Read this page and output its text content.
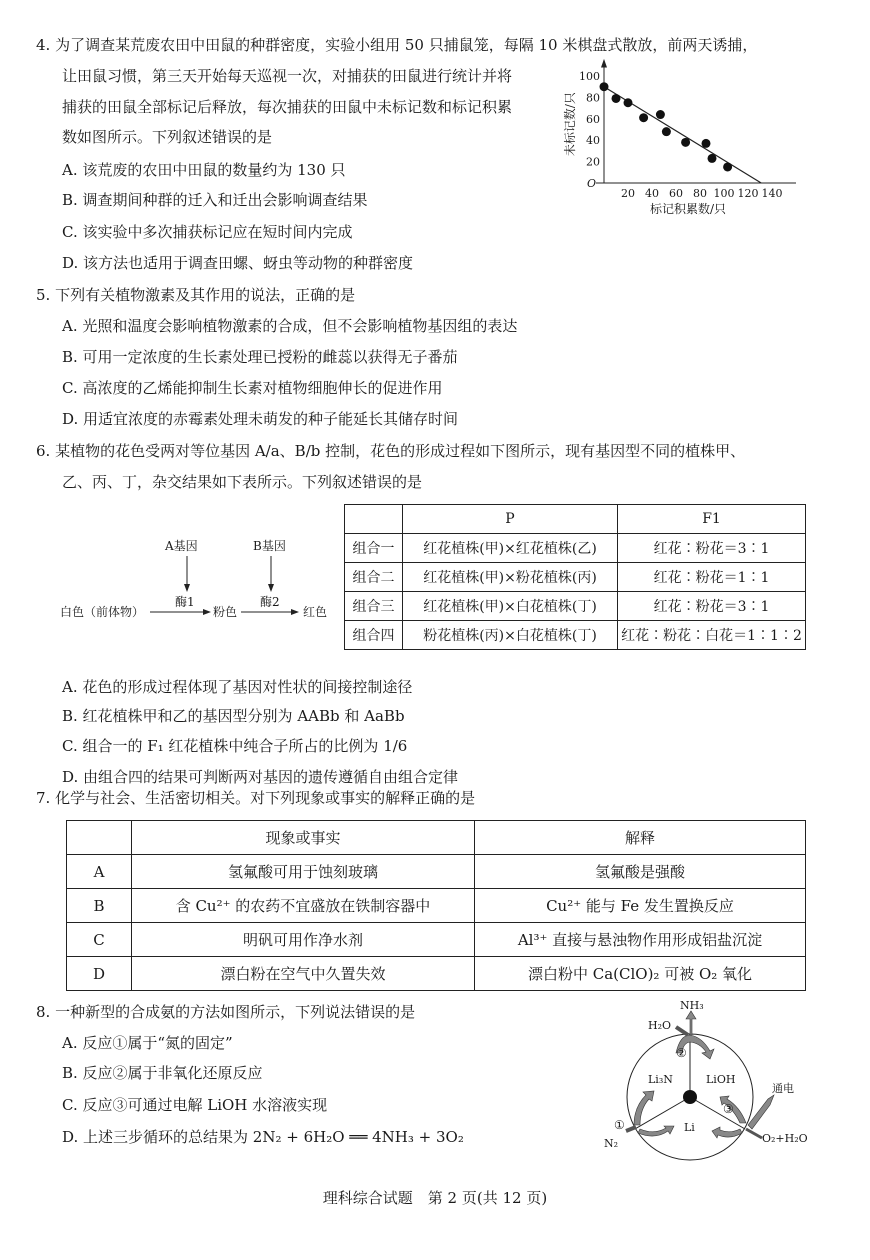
4. 为了调查某荒废农田中田鼠的种群密度，实验小组用 50 只捕鼠笼，每隔 10 米棋盘式散放，前两天诱捕，
让田鼠习惯，第三天开始每天巡视一次，对捕获的田鼠进行统计并将
捕获的田鼠全部标记后释放，每次捕获的田鼠中未标记数和标记积累
数如图所示。下列叙述错误的是
A. 该荒废的农田中田鼠的数量约为 130 只
B. 调查期间种群的迁入和迁出会影响调查结果
C. 该实验中多次捕获标记应在短时间内完成
D. 该方法也适用于调查田螺、蚜虫等动物的种群密度
20 40 60 80 100 120 140
20
40
60
80
100
O
标记积累数/只
未标记数/只
5. 下列有关植物激素及其作用的说法，正确的是
A. 光照和温度会影响植物激素的合成，但不会影响植物基因组的表达
B. 可用一定浓度的生长素处理已授粉的雌蕊以获得无子番茄
C. 高浓度的乙烯能抑制生长素对植物细胞伸长的促进作用
D. 用适宜浓度的赤霉素处理未萌发的种子能延长其储存时间
6. 某植物的花色受两对等位基因 A/a、B/b 控制，花色的形成过程如下图所示，现有基因型不同的植株甲、
乙、丙、丁，杂交结果如下表所示。下列叙述错误的是
A基因	B基因
白色（前体物）
酶1
粉色
酶2
红色
	P	F1
组合一	红花植株(甲)×红花植株(乙)	红花∶粉花＝3∶1
组合二	红花植株(甲)×粉花植株(丙)	红花∶粉花＝1∶1
组合三	红花植株(甲)×白花植株(丁)	红花∶粉花＝3∶1
组合四	粉花植株(丙)×白花植株(丁)	红花∶粉花∶白花＝1∶1∶2
A. 花色的形成过程体现了基因对性状的间接控制途径
B. 红花植株甲和乙的基因型分别为 AABb 和 AaBb
C. 组合一的 F₁ 红花植株中纯合子所占的比例为 1/6
D. 由组合四的结果可判断两对基因的遗传遵循自由组合定律
7. 化学与社会、生活密切相关。对下列现象或事实的解释正确的是
	现象或事实	解释
A	氢氟酸可用于蚀刻玻璃	氢氟酸是强酸
B	含 Cu²⁺ 的农药不宜盛放在铁制容器中	Cu²⁺ 能与 Fe 发生置换反应
C	明矾可用作净水剂	Al³⁺ 直接与悬浊物作用形成铝盐沉淀
D	漂白粉在空气中久置失效	漂白粉中 Ca(ClO)₂ 可被 O₂ 氧化
8. 一种新型的合成氨的方法如图所示，下列说法错误的是
A. 反应①属于“氮的固定”
B. 反应②属于非氧化还原反应
C. 反应③可通过电解 LiOH 水溶液实现
D. 上述三步循环的总结果为 2N₂ + 6H₂O ══ 4NH₃ + 3O₂
NH₃
H₂O
Li₃N	LiOH
Li
N₂	O₂+H₂O
通电
①
②
③
理科综合试题　第 2 页(共 12 页)
